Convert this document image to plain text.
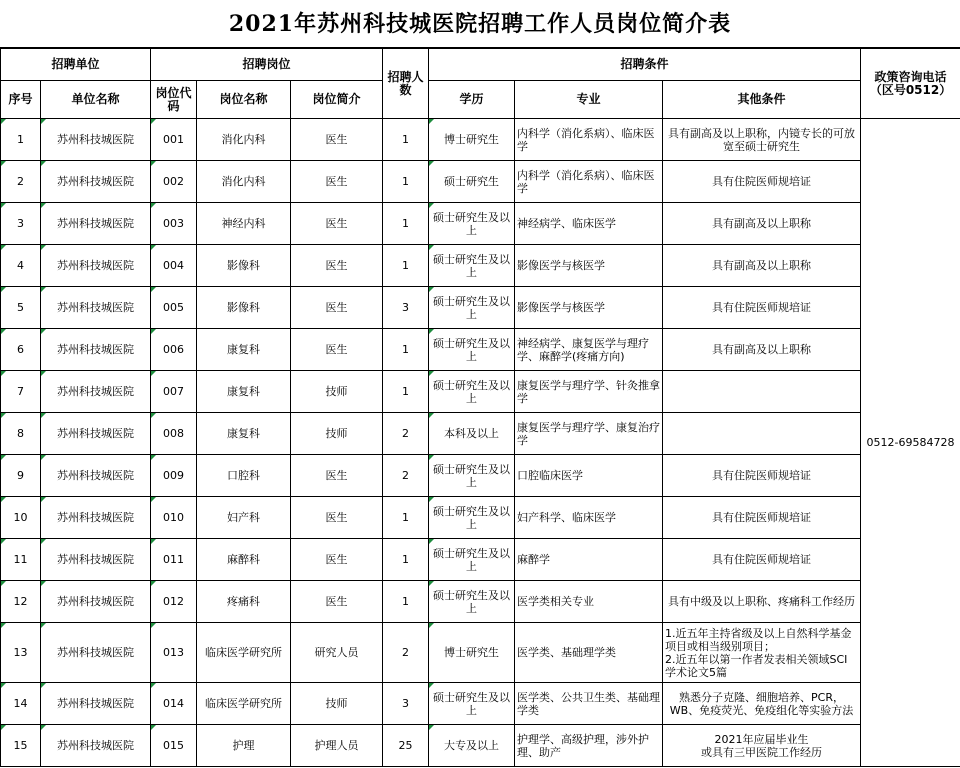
2021年苏州科技城医院招聘工作人员岗位简介表
招聘单位		招聘岗位			招聘人数	招聘条件			政策咨询电话（区号0512）
序号	单位名称	岗位代码	岗位名称	岗位简介		学历	专业	其他条件	
1	苏州科技城医院	001	消化内科	医生	1	博士研究生	内科学（消化系病）、临床医学	具有副高及以上职称，内镜专长的可放宽至硕士研究生	0512-69584728
2	苏州科技城医院	002	消化内科	医生	1	硕士研究生	内科学（消化系病）、临床医学	具有住院医师规培证	
3	苏州科技城医院	003	神经内科	医生	1	硕士研究生及以上	神经病学、临床医学	具有副高及以上职称	
4	苏州科技城医院	004	影像科	医生	1	硕士研究生及以上	影像医学与核医学	具有副高及以上职称	
5	苏州科技城医院	005	影像科	医生	3	硕士研究生及以上	影像医学与核医学	具有住院医师规培证	
6	苏州科技城医院	006	康复科	医生	1	硕士研究生及以上	神经病学、康复医学与理疗学、麻醉学(疼痛方向)	具有副高及以上职称	
7	苏州科技城医院	007	康复科	技师	1	硕士研究生及以上	康复医学与理疗学、针灸推拿学		
8	苏州科技城医院	008	康复科	技师	2	本科及以上	康复医学与理疗学、康复治疗学		
9	苏州科技城医院	009	口腔科	医生	2	硕士研究生及以上	口腔临床医学	具有住院医师规培证	
10	苏州科技城医院	010	妇产科	医生	1	硕士研究生及以上	妇产科学、临床医学	具有住院医师规培证	
11	苏州科技城医院	011	麻醉科	医生	1	硕士研究生及以上	麻醉学	具有住院医师规培证	
12	苏州科技城医院	012	疼痛科	医生	1	硕士研究生及以上	医学类相关专业	具有中级及以上职称、疼痛科工作经历	
13	苏州科技城医院	013	临床医学研究所	研究人员	2	博士研究生	医学类、基础理学类	1.近五年主持省级及以上自然科学基金项目或相当级别项目；
2.近五年以第一作者发表相关领域SCI学术论文5篇	
14	苏州科技城医院	014	临床医学研究所	技师	3	硕士研究生及以上	医学类、公共卫生类、基础理学类	熟悉分子克隆、细胞培养、PCR，WB、免疫荧光、免疫组化等实验方法	
15	苏州科技城医院	015	护理	护理人员	25	大专及以上	护理学、高级护理，涉外护理、助产	2021年应届毕业生
或具有三甲医院工作经历	
